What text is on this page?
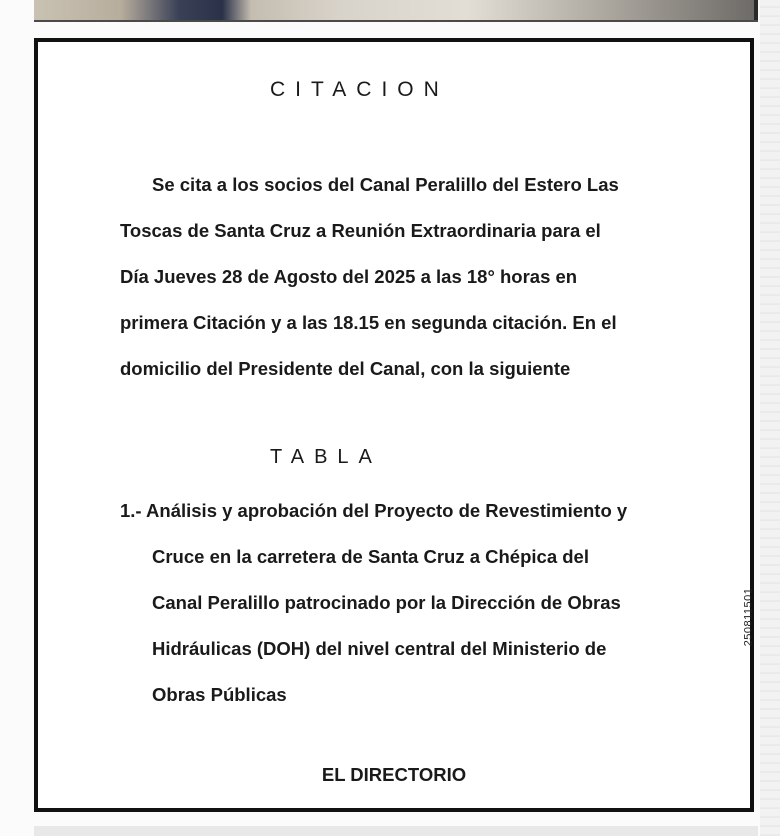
CITACION
Se cita a los socios del Canal Peralillo del Estero Las
Toscas de Santa Cruz a Reunión Extraordinaria para el
Día Jueves 28 de Agosto del 2025 a las 18° horas en
primera Citación y a las 18.15 en segunda citación. En el
domicilio del Presidente del Canal, con la siguiente
TABLA
1.- Análisis y aprobación del Proyecto de Revestimiento y
Cruce en la carretera de Santa Cruz a Chépica del
Canal Peralillo patrocinado por la Dirección de Obras
Hidráulicas (DOH) del nivel central del Ministerio de
Obras Públicas
EL DIRECTORIO
250811501
